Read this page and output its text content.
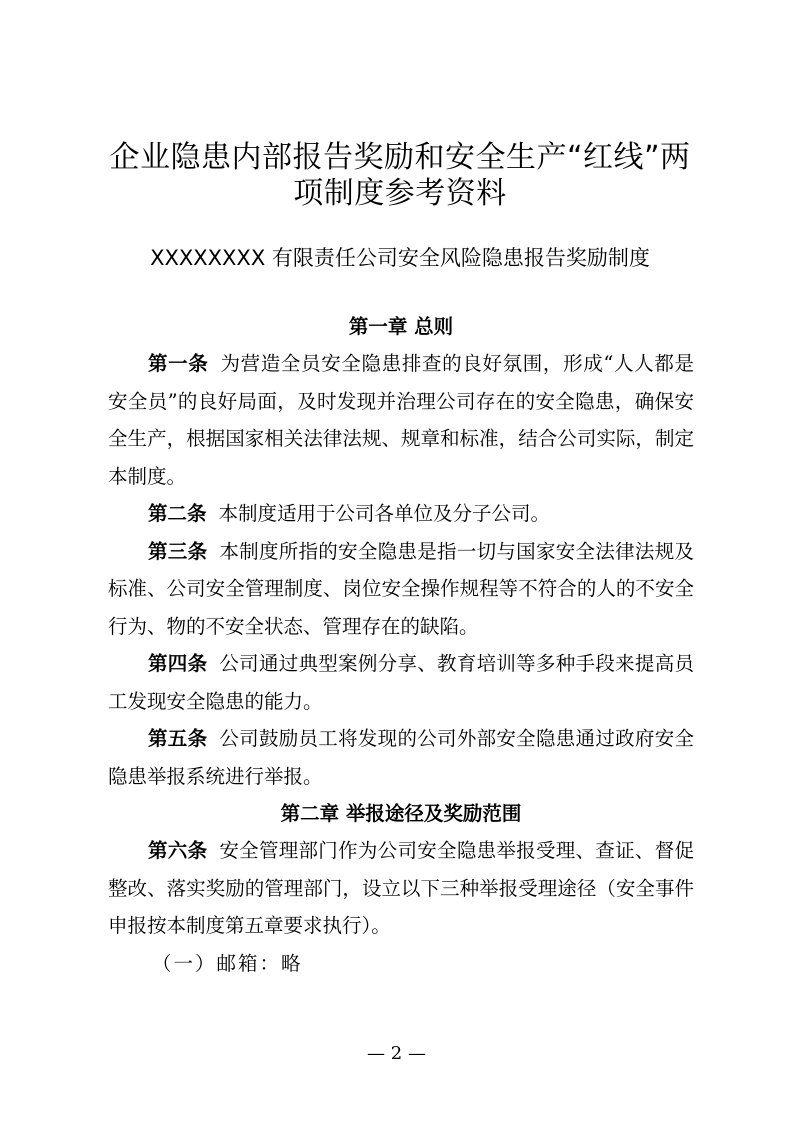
企业隐患内部报告奖励和安全生产“红线”两
项制度参考资料
XXXXXXXX 有限责任公司安全风险隐患报告奖励制度
第一章 总则

第一条 为营造全员安全隐患排查的良好氛围，形成“人人都是安全员”的良好局面，及时发现并治理公司存在的安全隐患，确保安全生产，根据国家相关法律法规、规章和标准，结合公司实际，制定本制度。

第二条 本制度适用于公司各单位及分子公司。

第三条 本制度所指的安全隐患是指一切与国家安全法律法规及标准、公司安全管理制度、岗位安全操作规程等不符合的人的不安全行为、物的不安全状态、管理存在的缺陷。

第四条 公司通过典型案例分享、教育培训等多种手段来提高员工发现安全隐患的能力。

第五条 公司鼓励员工将发现的公司外部安全隐患通过政府安全隐患举报系统进行举报。

第二章 举报途径及奖励范围

第六条 安全管理部门作为公司安全隐患举报受理、查证、督促整改、落实奖励的管理部门，设立以下三种举报受理途径（安全事件申报按本制度第五章要求执行）。

（一）邮箱：略

— 2 —
